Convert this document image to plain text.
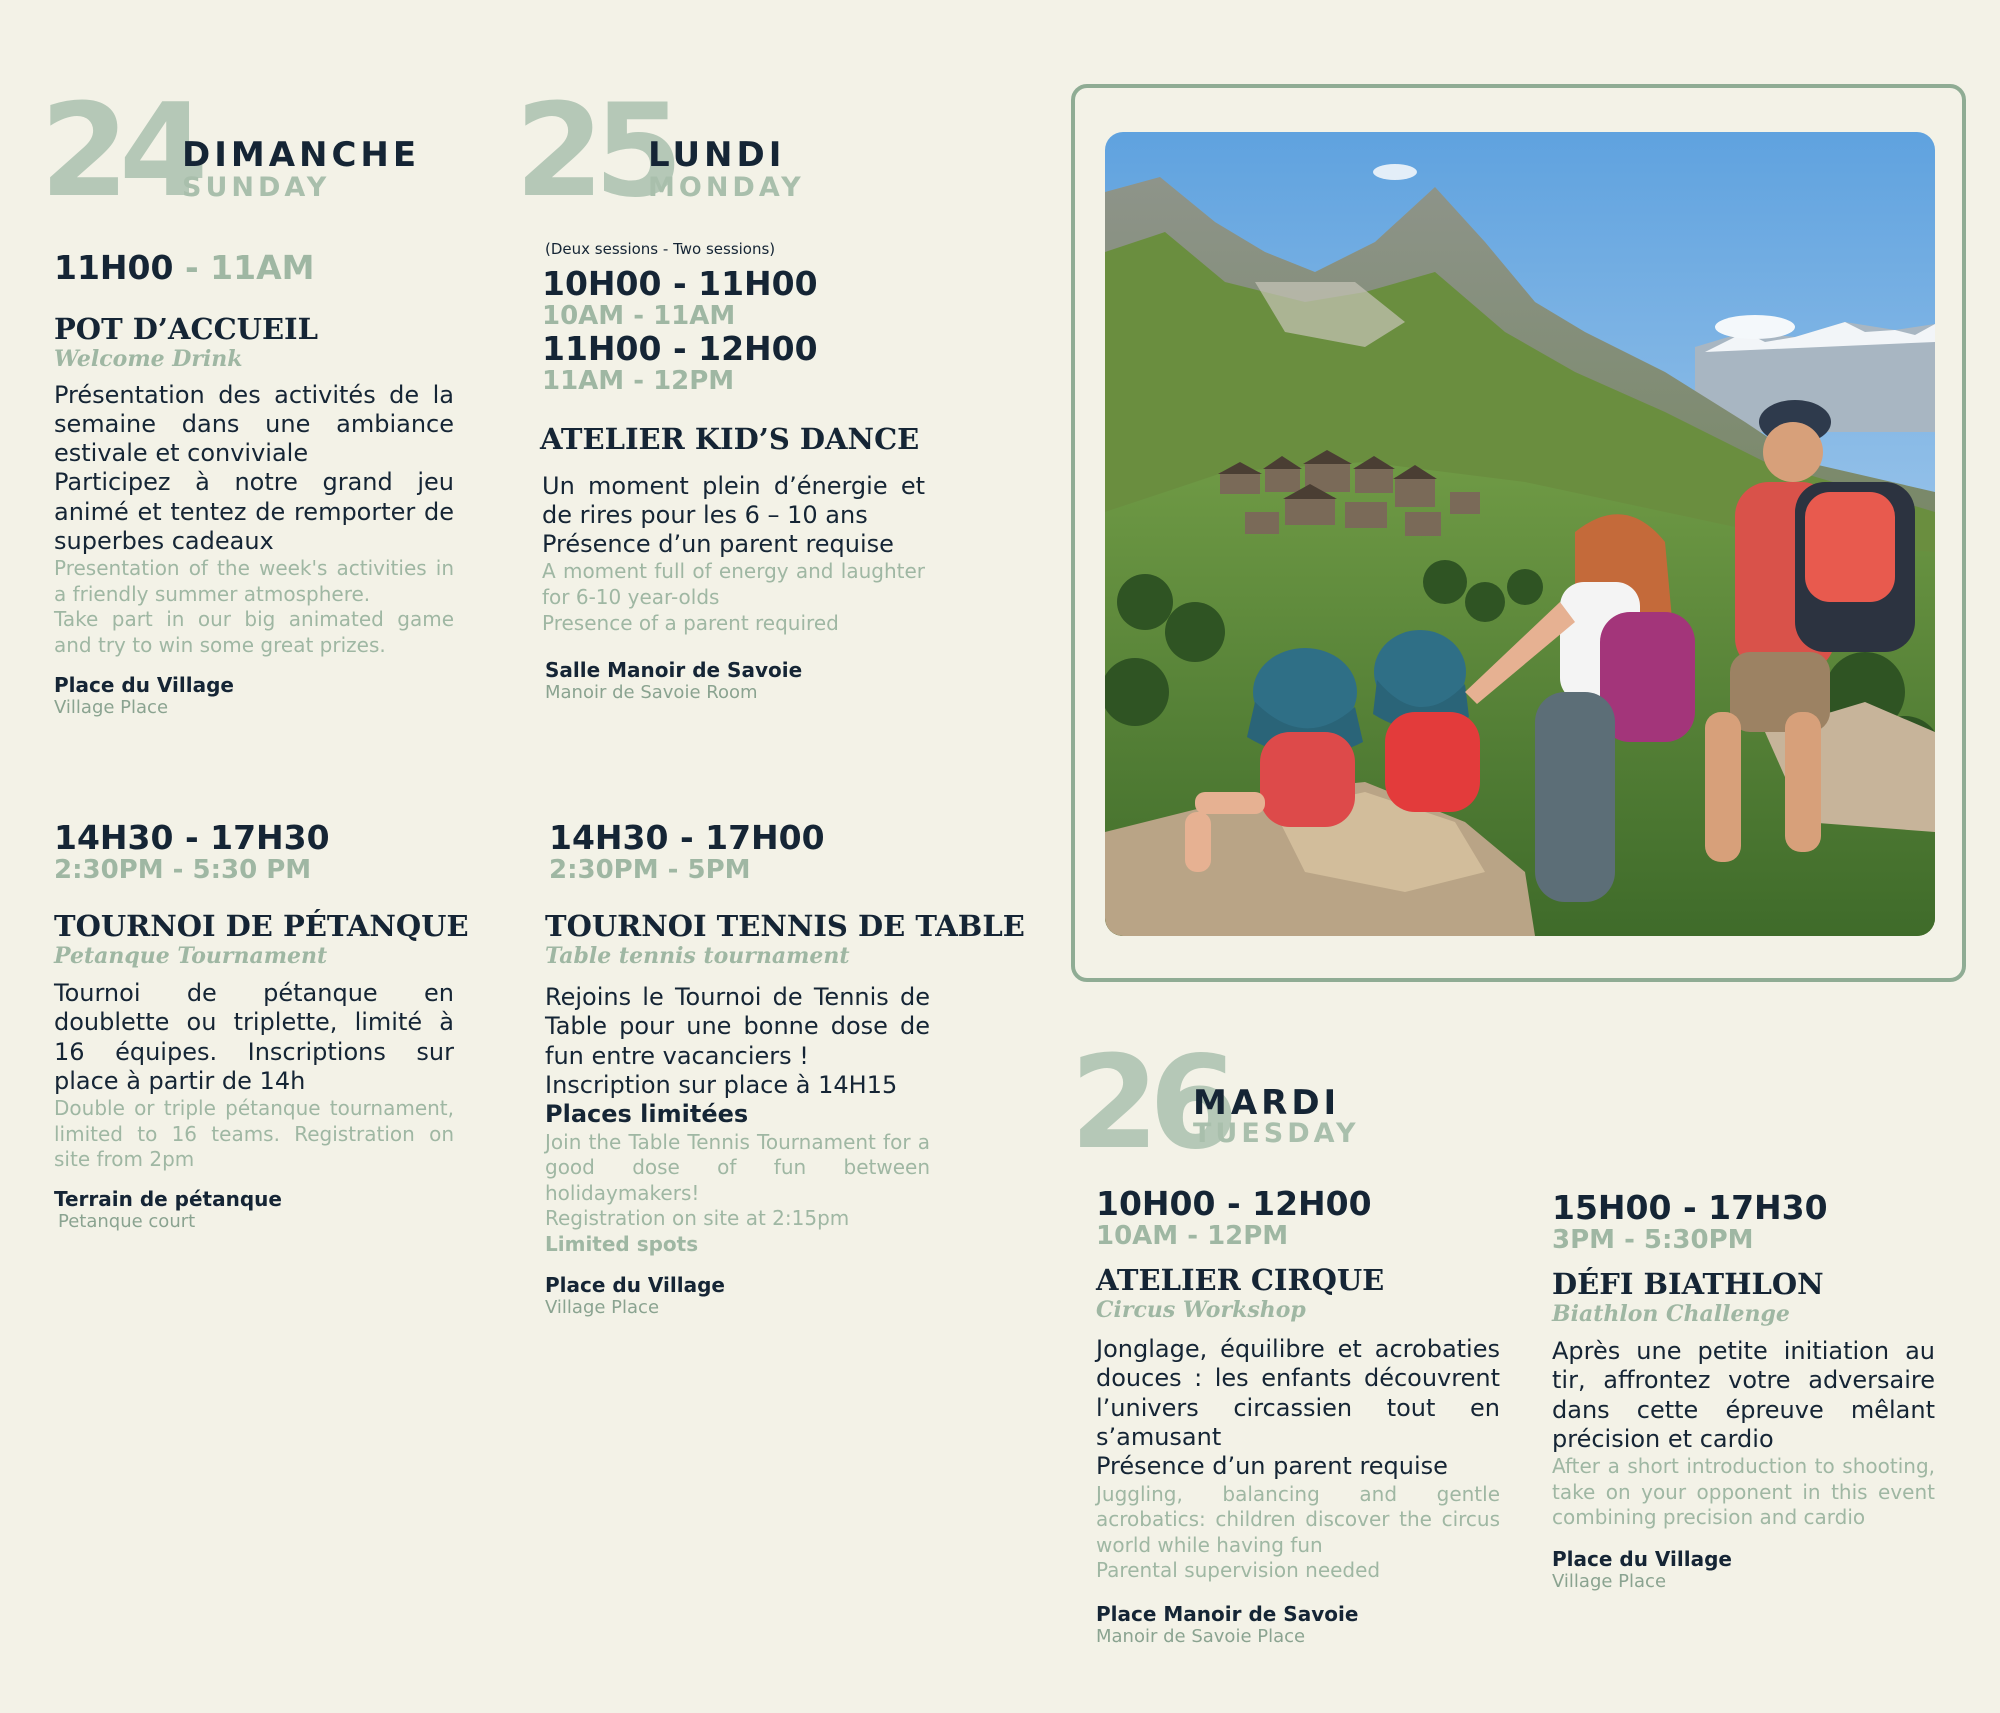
24
DIMANCHE
SUNDAY
11H00 - 11AM
POT D’ACCUEIL
Welcome Drink

Présentation des activités de la semaine dans une ambiance estivale et conviviale

Participez à notre grand jeu animé et tentez de remporter de superbes cadeaux

Presentation of the week's activities in a friendly summer atmosphere.

Take part in our big animated game and try to win some great prizes.

Place du Village
Village Place
14H30 - 17H30
2:30PM - 5:30 PM
TOURNOI DE PÉTANQUE
Petanque Tournament

Tournoi de pétanque en doublette ou triplette, limité à 16 équipes. Inscriptions sur place à partir de 14h

Double or triple pétanque tournament, limited to 16 teams. Registration on site from 2pm

Terrain de pétanque
Petanque court
25
LUNDI
MONDAY
(Deux sessions - Two sessions)
10H00 - 11H00
10AM - 11AM
11H00 - 12H00
11AM - 12PM
ATELIER KID’S DANCE

Un moment plein d’énergie et de rires pour les 6 – 10 ans

Présence d’un parent requise

A moment full of energy and laughter for 6-10 year-olds

Presence of a parent required

Salle Manoir de Savoie
Manoir de Savoie Room
14H30 - 17H00
2:30PM - 5PM
TOURNOI TENNIS DE TABLE
Table tennis tournament

Rejoins le Tournoi de Tennis de Table pour une bonne dose de fun entre vacanciers !

Inscription sur place à 14H15

Places limitées

Join the Table Tennis Tournament for a good dose of fun between holidaymakers!

Registration on site at 2:15pm

Limited spots

Place du Village
Village Place
26
MARDI
TUESDAY
10H00 - 12H00
10AM - 12PM
ATELIER CIRQUE
Circus Workshop

Jonglage, équilibre et acrobaties douces : les enfants découvrent l’univers circassien tout en s’amusant

Présence d’un parent requise

Juggling, balancing and gentle acrobatics: children discover the circus world while having fun

Parental supervision needed

Place Manoir de Savoie
Manoir de Savoie Place
15H00 - 17H30
3PM - 5:30PM
DÉFI BIATHLON
Biathlon Challenge

Après une petite initiation au tir, affrontez votre adversaire dans cette épreuve mêlant précision et cardio

After a short introduction to shooting, take on your opponent in this event combining precision and cardio

Place du Village
Village Place
